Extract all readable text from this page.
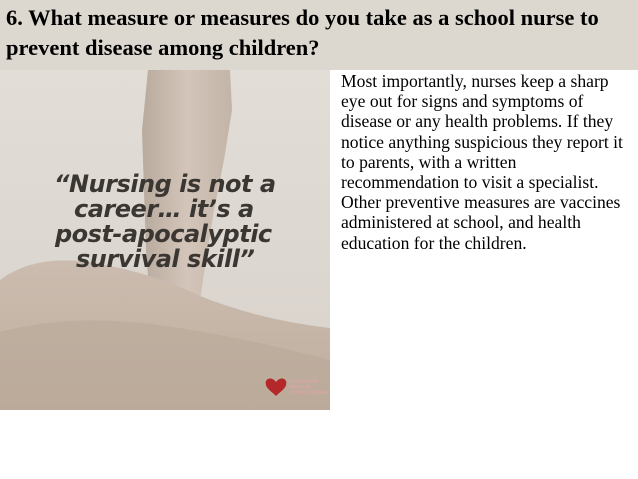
6. What measure or measures do you take as a school nurse to prevent disease among children?
“Nursing is not a
career… it’s a
post-apocalyptic
survival skill”
ADVANCED
MEDICAL
CERTIFICATION

Most importantly, nurses keep a sharp eye out for signs and symptoms of disease or any health problems. If they notice anything suspicious they report it to parents, with a written recommendation to visit a specialist. Other preventive measures are vaccines administered at school, and health education for the children.
